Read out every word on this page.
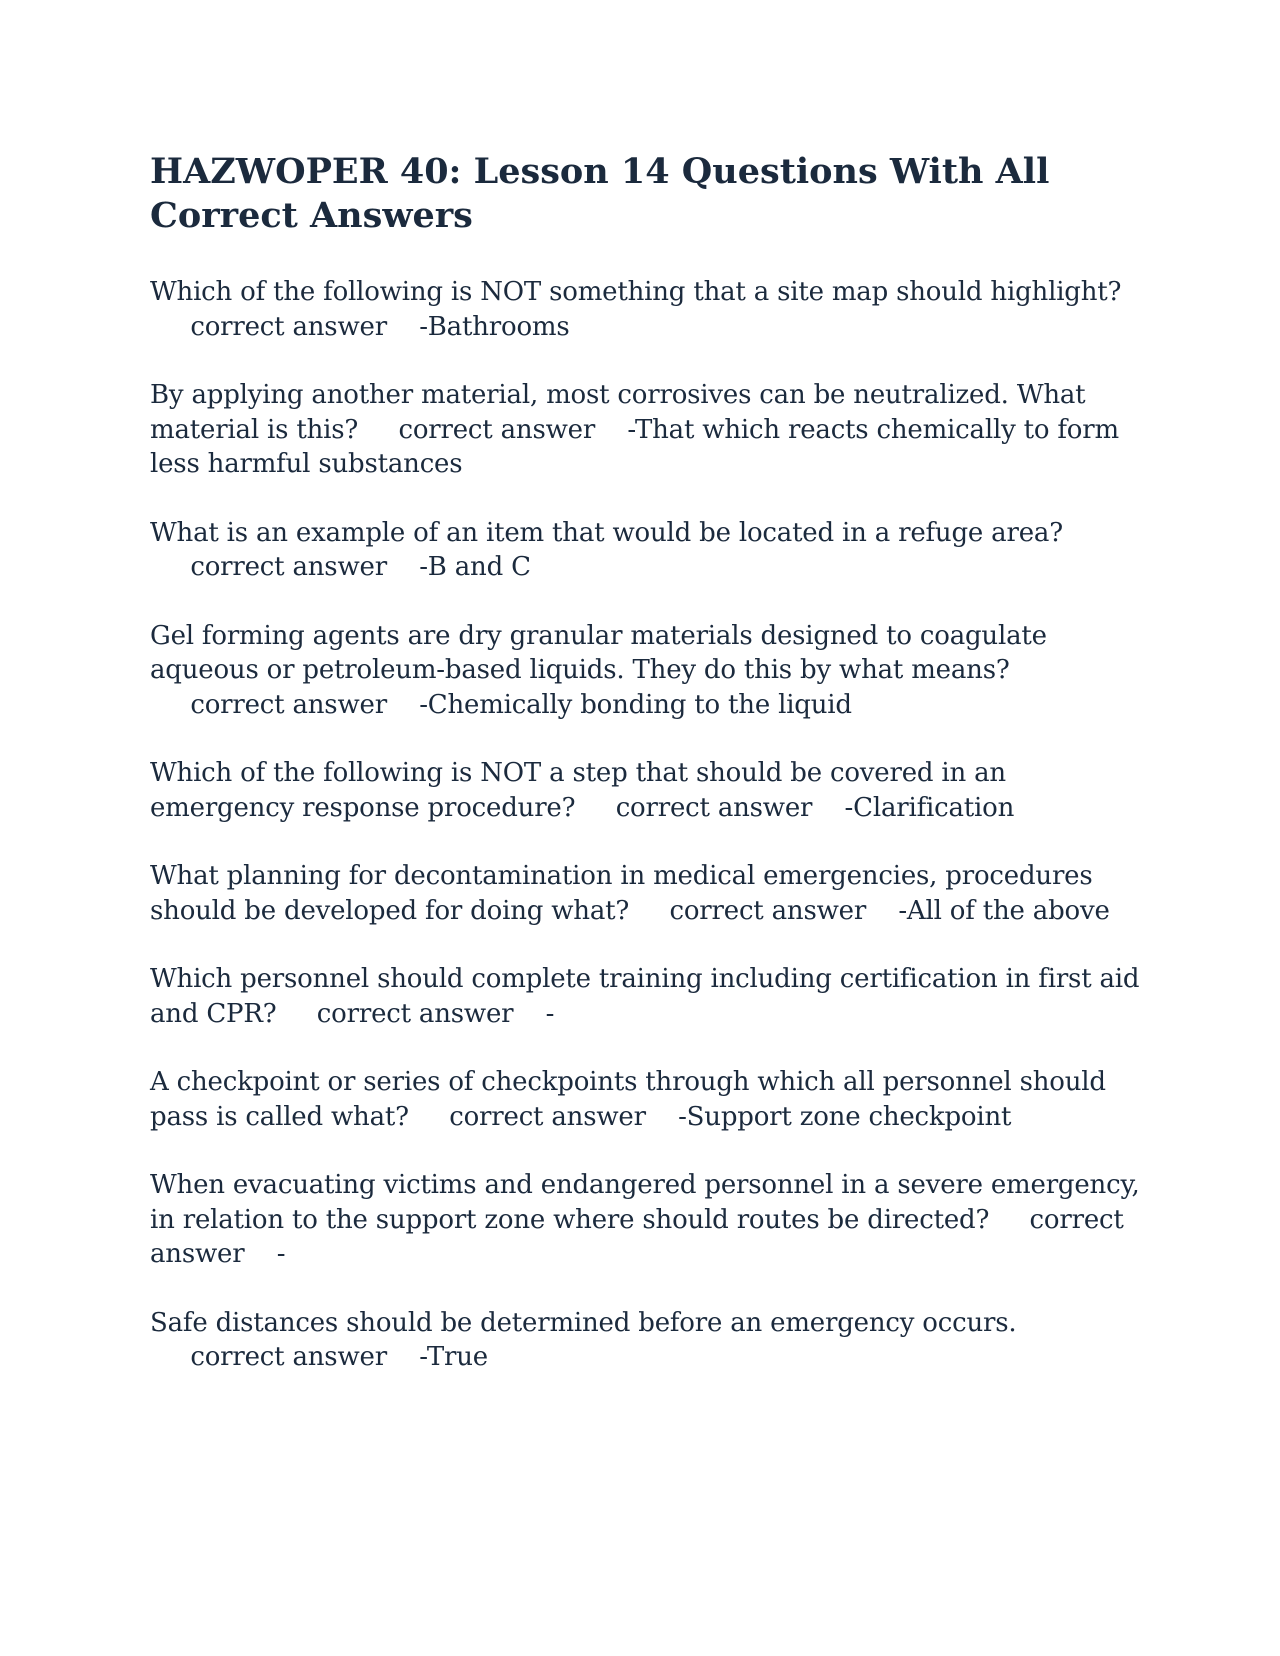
HAZWOPER 40: Lesson 14 Questions With All Correct Answers

Which of the following is NOT something that a site map should highlight?     correct answer -Bathrooms

By applying another material, most corrosives can be neutralized. What material is this? correct answer -That which reacts chemically to form less harmful substances

What is an example of an item that would be located in a refuge area?     correct answer -B and C

Gel forming agents are dry granular materials designed to coagulate aqueous or petroleum-based liquids. They do this by what means?     correct answer -Chemically bonding to the liquid

Which of the following is NOT a step that should be covered in an emergency response procedure? correct answer -Clarification

What planning for decontamination in medical emergencies, procedures should be developed for doing what? correct answer -All of the above

Which personnel should complete training including certification in first aid and CPR? correct answer -

A checkpoint or series of checkpoints through which all personnel should pass is called what? correct answer -Support zone checkpoint

When evacuating victims and endangered personnel in a severe emergency, in relation to the support zone where should routes be directed? correct answer -

Safe distances should be determined before an emergency occurs.     correct answer -True
